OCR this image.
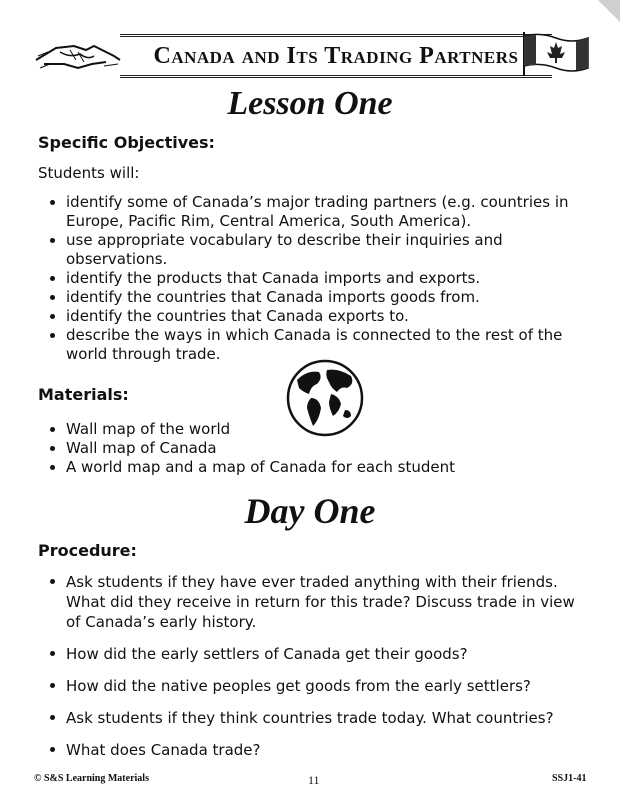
Canada and Its Trading Partners
Lesson One
Specific Objectives:
Students will:
identify some of Canada’s major trading partners (e.g. countries in Europe, Pacific Rim, Central America, South America).
use appropriate vocabulary to describe their inquiries and observations.
identify the products that Canada imports and exports.
identify the countries that Canada imports goods from.
identify the countries that Canada exports to.
describe the ways in which Canada is connected to the rest of the world through trade.
Materials:
Wall map of the world
Wall map of Canada
A world map and a map of Canada for each student
Day One
Procedure:
Ask students if they have ever traded anything with their friends. What did they receive in return for this trade? Discuss trade in view of Canada’s early history.
How did the early settlers of Canada get their goods?
How did the native peoples get goods from the early settlers?
Ask students if they think countries trade today. What countries?
What does Canada trade?
© S&S Learning Materials	11	SSJ1-41
